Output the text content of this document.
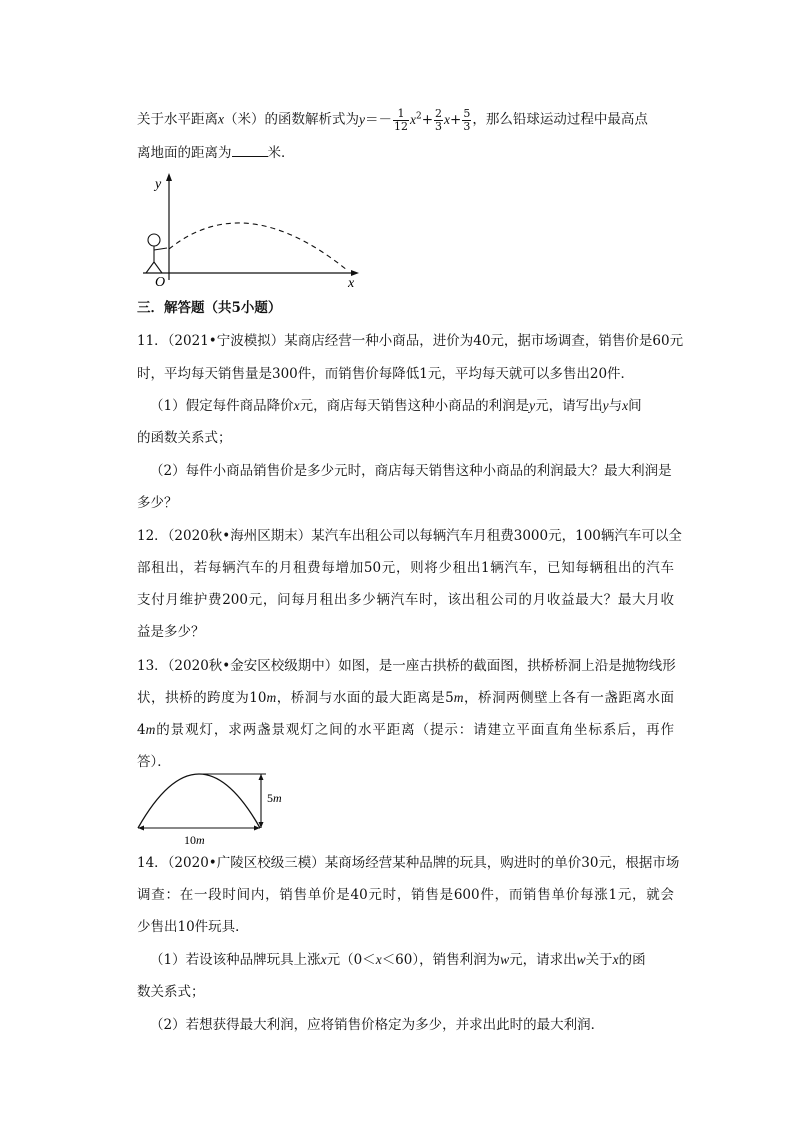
关于水平距离x（米）的函数解析式为$y=- \frac{1}{12} x^2+ \frac{2}{3} x+ \frac{5}{3}$ ，那么铅球运动过程中最高点
离地面的距离为	米．
y
x
O
三．解答题（共5小题）
11．（2021•宁波模拟）某商店经营一种小商品，进价为40元，据市场调查，销售价是60元
时，平均每天销售量是300件，而销售价每降低1元，平均每天就可以多售出20件．
（1）假定每件商品降价x元，商店每天销售这种小商品的利润是y元，请写出y与x间
的函数关系式；
（2）每件小商品销售价是多少元时，商店每天销售这种小商品的利润最大？最大利润是
多少？
12．（2020秋•海州区期末）某汽车出租公司以每辆汽车月租费3000元，100辆汽车可以全
部租出，若每辆汽车的月租费每增加50元，则将少租出1辆汽车，已知每辆租出的汽车
支付月维护费200元，问每月租出多少辆汽车时，该出租公司的月收益最大？最大月收
益是多少？
13．（2020秋•金安区校级期中）如图，是一座古拱桥的截面图，拱桥桥洞上沿是抛物线形
状，拱桥的跨度为10m，桥洞与水面的最大距离是5m，桥洞两侧壁上各有一盏距离水面
4m的景观灯，求两盏景观灯之间的水平距离（提示：请建立平面直角坐标系后，再作
答）．
5m
10m
14．（2020•广陵区校级三模）某商场经营某种品牌的玩具，购进时的单价30元，根据市场
调查：在一段时间内，销售单价是40元时，销售是600件，而销售单价每涨1元，就会
少售出10件玩具．
（1）若设该种品牌玩具上涨x元（0＜x＜60），销售利润为w元，请求出w关于x的函
数关系式；
（2）若想获得最大利润，应将销售价格定为多少，并求出此时的最大利润．
